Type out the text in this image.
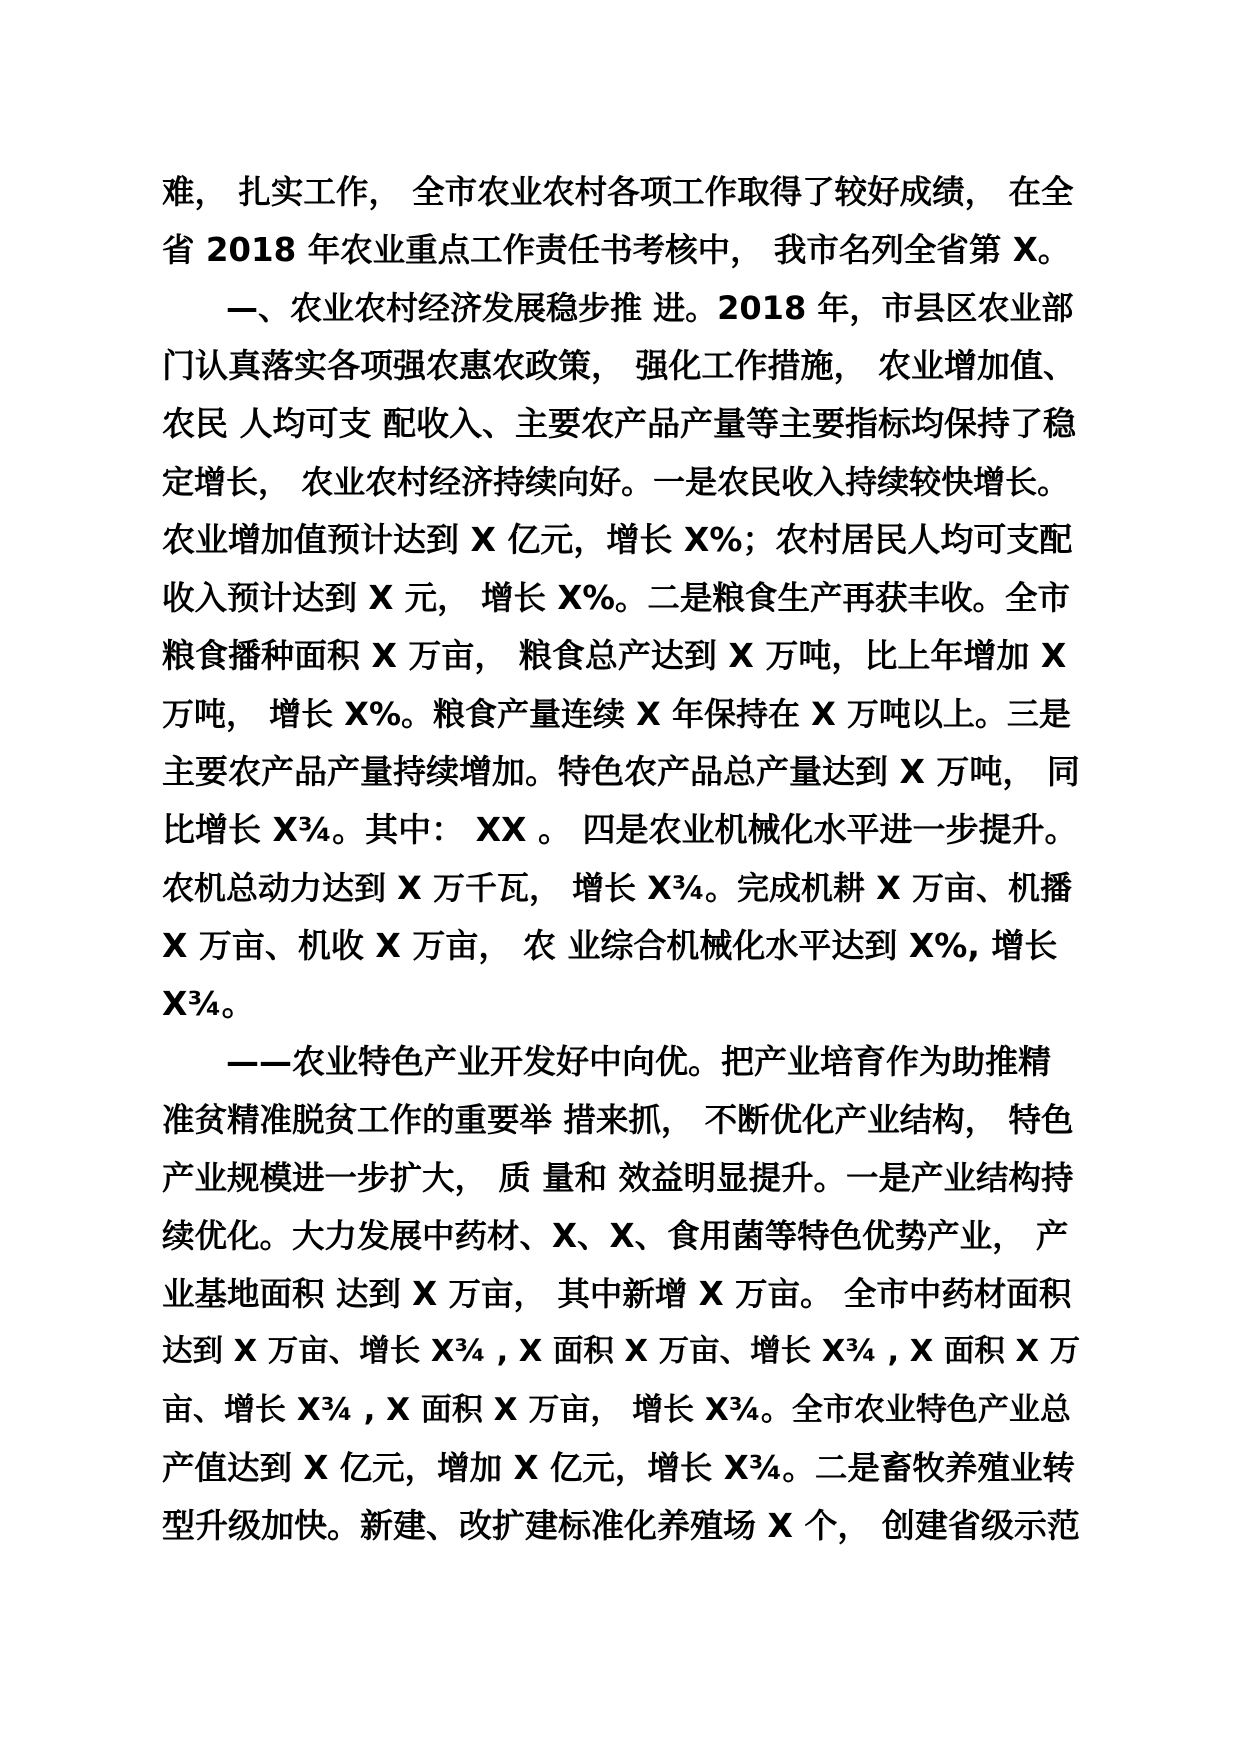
难， 扎实工作， 全市农业农村各项工作取得了较好成绩， 在全
省 2018 年农业重点工作责任书考核中， 我市名列全省第 X。
—、农业农村经济发展稳步推 进。2018 年，市县区农业部
门认真落实各项强农惠农政策， 强化工作措施， 农业增加值、
农民 人均可支 配收入、主要农产品产量等主要指标均保持了稳
定增长， 农业农村经济持续向好。一是农民收入持续较快增长。
农业增加值预计达到 X 亿元，增长 X%；农村居民人均可支配
收入预计达到 X 元， 增长 X%。二是粮食生产再获丰收。全市
粮食播种面积 X 万亩， 粮食总产达到 X 万吨，比上年增加 X
万吨， 增长 X%。粮食产量连续 X 年保持在 X 万吨以上。三是
主要农产品产量持续增加。特色农产品总产量达到 X 万吨， 同
比增长 X¾。其中： XX 。 四是农业机械化水平进一步提升。
农机总动力达到 X 万千瓦， 增长 X¾。完成机耕 X 万亩、机播
X 万亩、机收 X 万亩， 农 业综合机械化水平达到 X%, 增长
X¾。
——农业特色产业开发好中向优。把产业培育作为助推精
准贫精准脱贫工作的重要举 措来抓， 不断优化产业结构， 特色
产业规模进一步扩大， 质 量和 效益明显提升。一是产业结构持
续优化。大力发展中药材、X、X、食用菌等特色优势产业， 产
业基地面积 达到 X 万亩， 其中新增 X 万亩。 全市中药材面积
达到 X 万亩、增长 X¾ , X 面积 X 万亩、增长 X¾ , X 面积 X 万
亩、增长 X¾ , X 面积 X 万亩， 增长 X¾。全市农业特色产业总
产值达到 X 亿元，增加 X 亿元，增长 X¾。二是畜牧养殖业转
型升级加快。新建、改扩建标准化养殖场 X 个， 创建省级示范
